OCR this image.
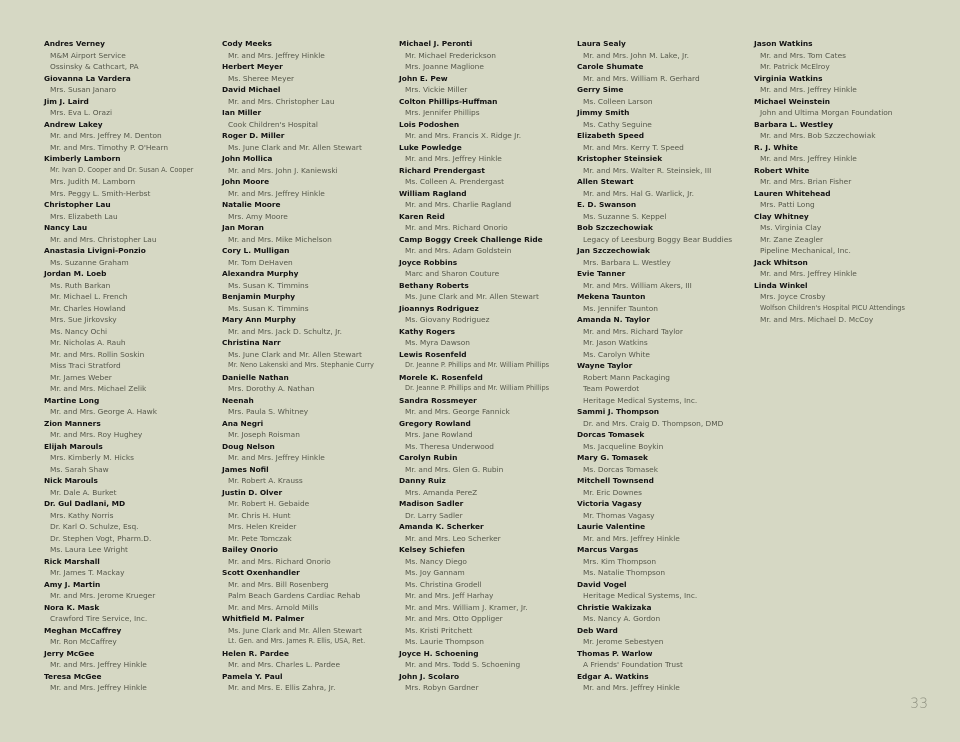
Andres Verney
M&M Airport Service
Ossinsky & Cathcart, PA
Giovanna La Vardera
Mrs. Susan Janaro
Jim J. Laird
Mrs. Eva L. Orazi
Andrew Lakey
Mr. and Mrs. Jeffrey M. Denton
Mr. and Mrs. Timothy P. O'Hearn
Kimberly Lamborn
Mr. Ivan D. Cooper and Dr. Susan A. Cooper
Mrs. Judith M. Lamborn
Mrs. Peggy L. Smith-Herbst
Christopher Lau
Mrs. Elizabeth Lau
Nancy Lau
Mr. and Mrs. Christopher Lau
Anastasia Livigni-Ponzio
Ms. Suzanne Graham
Jordan M. Loeb
Ms. Ruth Barkan
Mr. Michael L. French
Mr. Charles Howland
Mrs. Sue Jirkovsky
Ms. Nancy Ochi
Mr. Nicholas A. Rauh
Mr. and Mrs. Rollin Soskin
Miss Traci Stratford
Mr. James Weber
Mr. and Mrs. Michael Zelik
Martine Long
Mr. and Mrs. George A. Hawk
Zion Manners
Mr. and Mrs. Roy Hughey
Elijah Marouls
Mrs. Kimberly M. Hicks
Ms. Sarah Shaw
Nick Marouls
Mr. Dale A. Burket
Dr. Gul Dadlani, MD
Mrs. Kathy Norris
Dr. Karl O. Schulze, Esq.
Dr. Stephen Vogt, Pharm.D.
Ms. Laura Lee Wright
Rick Marshall
Mr. James T. Mackay
Amy J. Martin
Mr. and Mrs. Jerome Krueger
Nora K. Mask
Crawford Tire Service, Inc.
Meghan McCaffrey
Mr. Ron McCaffrey
Jerry McGee
Mr. and Mrs. Jeffrey Hinkle
Teresa McGee
Mr. and Mrs. Jeffrey Hinkle
Cody Meeks
Mr. and Mrs. Jeffrey Hinkle
Herbert Meyer
Ms. Sheree Meyer
David Michael
Mr. and Mrs. Christopher Lau
Ian Miller
Cook Children's Hospital
Roger D. Miller
Ms. June Clark and Mr. Allen Stewart
John Mollica
Mr. and Mrs. John J. Kaniewski
John Moore
Mr. and Mrs. Jeffrey Hinkle
Natalie Moore
Mrs. Amy Moore
Jan Moran
Mr. and Mrs. Mike Michelson
Cory L. Mulligan
Mr. Tom DeHaven
Alexandra Murphy
Ms. Susan K. Timmins
Benjamin Murphy
Ms. Susan K. Timmins
Mary Ann Murphy
Mr. and Mrs. Jack D. Schultz, Jr.
Christina Narr
Ms. June Clark and Mr. Allen Stewart
Mr. Neno Lakenski and Mrs. Stephanie Curry
Danielle Nathan
Mrs. Dorothy A. Nathan
Neenah
Mrs. Paula S. Whitney
Ana Negri
Mr. Joseph Roisman
Doug Nelson
Mr. and Mrs. Jeffrey Hinkle
James Nofil
Mr. Robert A. Krauss
Justin D. Olver
Mr. Robert H. Gebaide
Mr. Chris H. Hunt
Mrs. Helen Kreider
Mr. Pete Tomczak
Bailey Onorio
Mr. and Mrs. Richard Onorio
Scott Oxenhandler
Mr. and Mrs. Bill Rosenberg
Palm Beach Gardens Cardiac Rehab
Mr. and Mrs. Arnold Mills
Whitfield M. Palmer
Ms. June Clark and Mr. Allen Stewart
Lt. Gen. and Mrs. James R. Ellis, USA, Ret.
Helen R. Pardee
Mr. and Mrs. Charles L. Pardee
Pamela Y. Paul
Mr. and Mrs. E. Ellis Zahra, Jr.
Michael J. Peronti
Mr. Michael Frederickson
Mrs. Joanne Maglione
John E. Pew
Mrs. Vickie Miller
Colton Phillips-Huffman
Mrs. Jennifer Phillips
Lois Podoshen
Mr. and Mrs. Francis X. Ridge Jr.
Luke Powledge
Mr. and Mrs. Jeffrey Hinkle
Richard Prendergast
Ms. Colleen A. Prendergast
William Ragland
Mr. and Mrs. Charlie Ragland
Karen Reid
Mr. and Mrs. Richard Onorio
Camp Boggy Creek Challenge Ride
Mr. and Mrs. Adam Goldstein
Joyce Robbins
Marc and Sharon Couture
Bethany Roberts
Ms. June Clark and Mr. Allen Stewart
Jioannys Rodriguez
Ms. Giovany Rodriguez
Kathy Rogers
Ms. Myra Dawson
Lewis Rosenfeld
Dr. Jeanne P. Phillips and Mr. William Phillips
Morele K. Rosenfeld
Dr. Jeanne P. Phillips and Mr. William Phillips
Sandra Rossmeyer
Mr. and Mrs. George Fannick
Gregory Rowland
Mrs. Jane Rowland
Ms. Theresa Underwood
Carolyn Rubin
Mr. and Mrs. Glen G. Rubin
Danny Ruiz
Mrs. Amanda PereZ
Madison Sadler
Dr. Larry Sadler
Amanda K. Scherker
Mr. and Mrs. Leo Scherker
Kelsey Schiefen
Ms. Nancy Diego
Ms. Joy Gannam
Ms. Christina Grodell
Mr. and Mrs. Jeff Harhay
Mr. and Mrs. William J. Kramer, Jr.
Mr. and Mrs. Otto Oppliger
Ms. Kristi Pritchett
Ms. Laurie Thompson
Joyce H. Schoening
Mr. and Mrs. Todd S. Schoening
John J. Scolaro
Mrs. Robyn Gardner
Laura Sealy
Mr. and Mrs. John M. Lake, Jr.
Carole Shumate
Mr. and Mrs. William R. Gerhard
Gerry Sime
Ms. Colleen Larson
Jimmy Smith
Ms. Cathy Seguine
Elizabeth Speed
Mr. and Mrs. Kerry T. Speed
Kristopher Steinsiek
Mr. and Mrs. Walter R. Steinsiek, III
Allen Stewart
Mr. and Mrs. Hal G. Warlick, Jr.
E. D. Swanson
Ms. Suzanne S. Keppel
Bob Szczechowiak
Legacy of Leesburg Boggy Bear Buddies
Jan Szczechowiak
Mrs. Barbara L. Westley
Evie Tanner
Mr. and Mrs. William Akers, III
Mekena Taunton
Ms. Jennifer Taunton
Amanda N. Taylor
Mr. and Mrs. Richard Taylor
Mr. Jason Watkins
Ms. Carolyn White
Wayne Taylor
Robert Mann Packaging
Team Powerdot
Heritage Medical Systems, Inc.
Sammi J. Thompson
Dr. and Mrs. Craig D. Thompson, DMD
Dorcas Tomasek
Ms. Jacqueline Boykin
Mary G. Tomasek
Ms. Dorcas Tomasek
Mitchell Townsend
Mr. Eric Downes
Victoria Vagasy
Mr. Thomas Vagasy
Laurie Valentine
Mr. and Mrs. Jeffrey Hinkle
Marcus Vargas
Mrs. Kim Thompson
Ms. Natalie Thompson
David Vogel
Heritage Medical Systems, Inc.
Christie Wakizaka
Ms. Nancy A. Gordon
Deb Ward
Mr. Jerome Sebestyen
Thomas P. Warlow
A Friends' Foundation Trust
Edgar A. Watkins
Mr. and Mrs. Jeffrey Hinkle
Jason Watkins
Mr. and Mrs. Tom Cates
Mr. Patrick McElroy
Virginia Watkins
Mr. and Mrs. Jeffrey Hinkle
Michael Weinstein
John and Ultima Morgan Foundation
Barbara L. Westley
Mr. and Mrs. Bob Szczechowiak
R. J. White
Mr. and Mrs. Jeffrey Hinkle
Robert White
Mr. and Mrs. Brian Fisher
Lauren Whitehead
Mrs. Patti Long
Clay Whitney
Ms. Virginia Clay
Mr. Zane Zeagler
Pipeline Mechanical, Inc.
Jack Whitson
Mr. and Mrs. Jeffrey Hinkle
Linda Winkel
Mrs. Joyce Crosby
Wolfson Children's Hospital PICU Attendings
Mr. and Mrs. Michael D. McCoy
33
